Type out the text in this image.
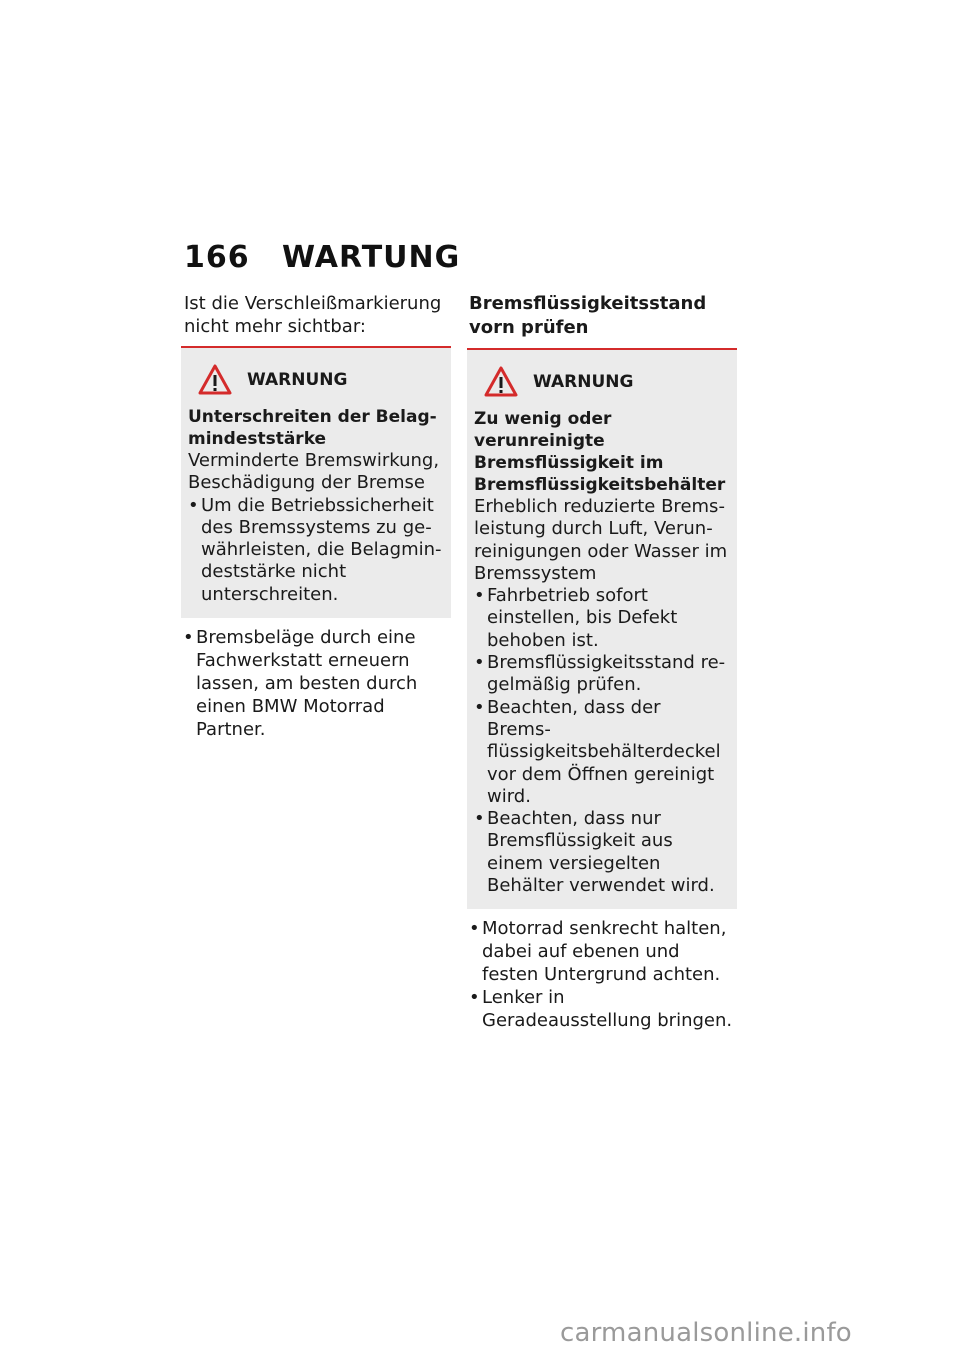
166 WARTUNG

Ist die Verschleißmarkierung nicht mehr sichtbar:

WARNUNG
Unterschreiten der Belagmindeststärke
Verminderte Bremswirkung, Beschädigung der Bremse
• Um die Betriebssicherheit des Bremssystems zu gewährleisten, die Belagmindeststärke nicht unterschreiten.
• Bremsbeläge durch eine Fachwerkstatt erneuern lassen, am besten durch einen BMW Motorrad Partner.
Bremsflüssigkeitsstand vorn prüfen
WARNUNG
Zu wenig oder verunreinigte Bremsflüssigkeit im Bremsflüssigkeitsbehälter
Erheblich reduzierte Bremsleistung durch Luft, Verunreinigungen oder Wasser im Bremssystem
• Fahrbetrieb sofort einstellen, bis Defekt behoben ist.
• Bremsflüssigkeitsstand regelmäßig prüfen.
• Beachten, dass der Bremsflüssigkeitsbehälterdeckel vor dem Öffnen gereinigt wird.
• Beachten, dass nur Bremsflüssigkeit aus einem versiegelten Behälter verwendet wird.
• Motorrad senkrecht halten, dabei auf ebenen und festen Untergrund achten.
• Lenker in Geradeausstellung bringen.
carmanualsonline.info
